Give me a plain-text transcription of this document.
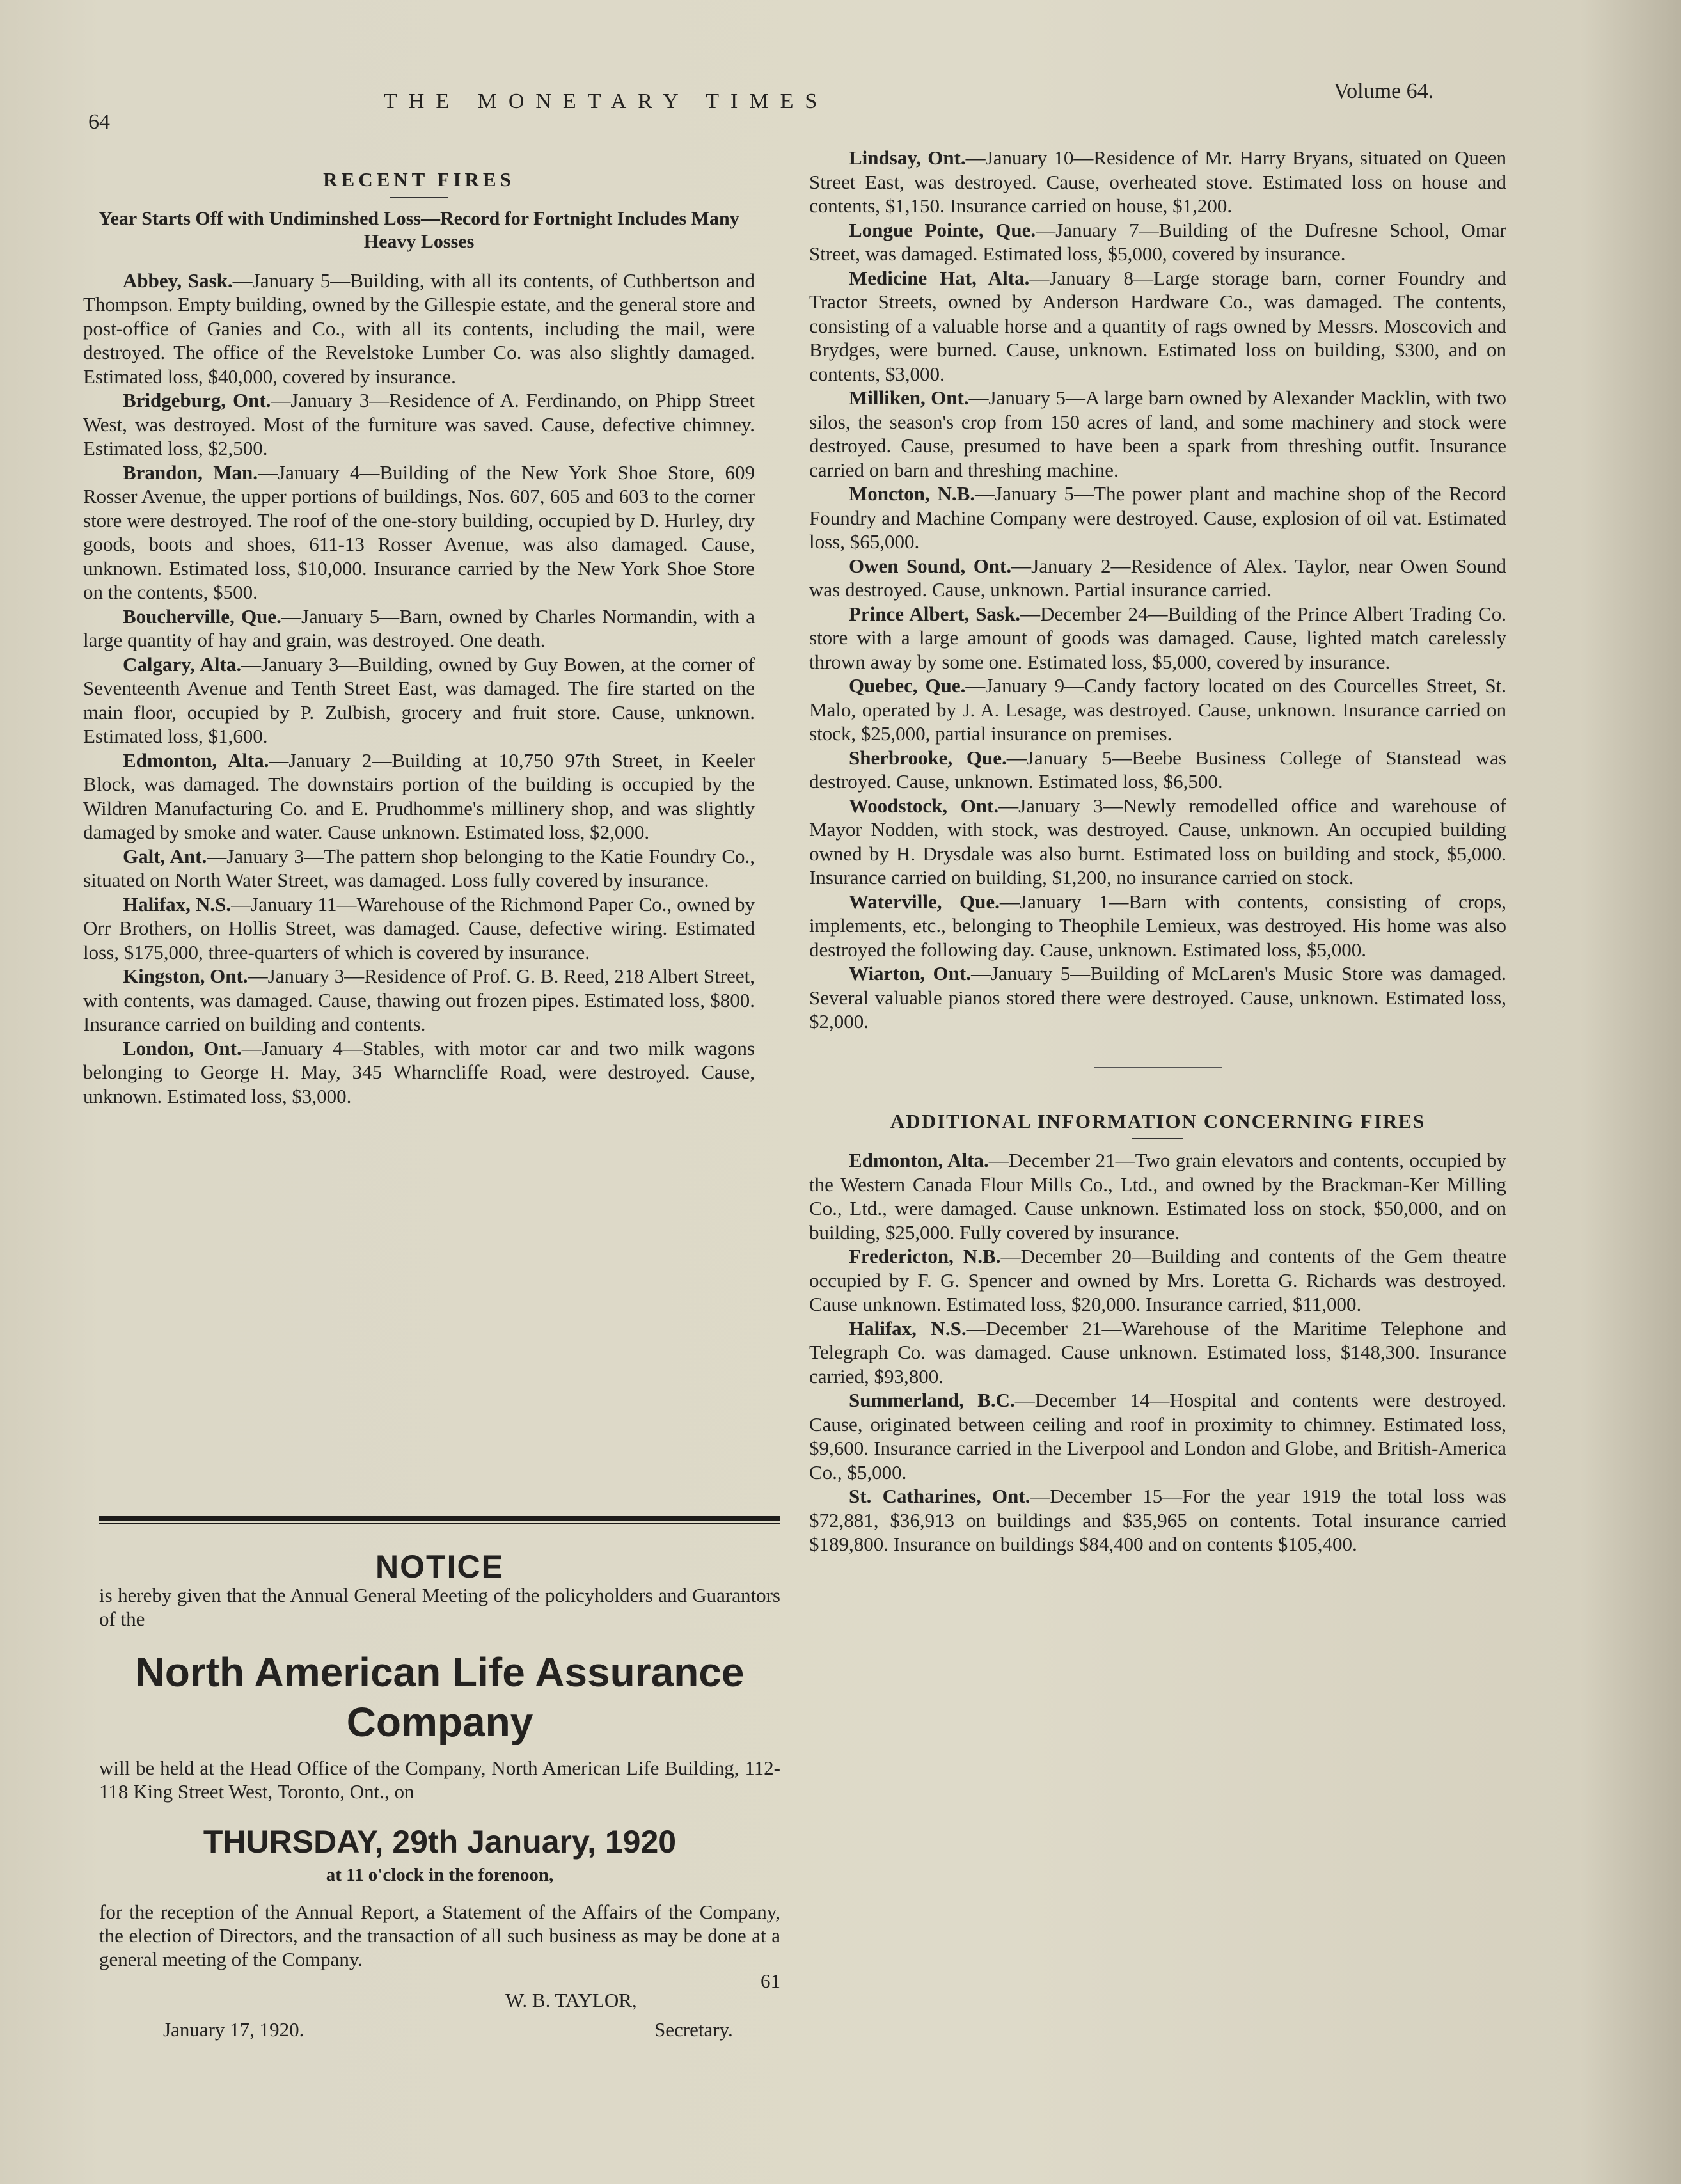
64
THE MONETARY TIMES	Volume 64.
RECENT FIRES
Year Starts Off with Undiminshed Loss—Record for Fortnight Includes Many Heavy Losses

Abbey, Sask.—January 5—Building, with all its contents, of Cuthbertson and Thompson. Empty building, owned by the Gillespie estate, and the general store and post-office of Ganies and Co., with all its contents, including the mail, were destroyed. The office of the Revelstoke Lumber Co. was also slightly damaged. Estimated loss, $40,000, covered by insurance.

Bridgeburg, Ont.—January 3—Residence of A. Ferdinando, on Phipp Street West, was destroyed. Most of the furniture was saved. Cause, defective chimney. Estimated loss, $2,500.

Brandon, Man.—January 4—Building of the New York Shoe Store, 609 Rosser Avenue, the upper portions of buildings, Nos. 607, 605 and 603 to the corner store were destroyed. The roof of the one-story building, occupied by D. Hurley, dry goods, boots and shoes, 611-13 Rosser Avenue, was also damaged. Cause, unknown. Estimated loss, $10,000. Insurance carried by the New York Shoe Store on the contents, $500.

Boucherville, Que.—January 5—Barn, owned by Charles Normandin, with a large quantity of hay and grain, was destroyed. One death.

Calgary, Alta.—January 3—Building, owned by Guy Bowen, at the corner of Seventeenth Avenue and Tenth Street East, was damaged. The fire started on the main floor, occupied by P. Zulbish, grocery and fruit store. Cause, unknown. Estimated loss, $1,600.

Edmonton, Alta.—January 2—Building at 10,750 97th Street, in Keeler Block, was damaged. The downstairs portion of the building is occupied by the Wildren Manufacturing Co. and E. Prudhomme's millinery shop, and was slightly damaged by smoke and water. Cause unknown. Estimated loss, $2,000.

Galt, Ant.—January 3—The pattern shop belonging to the Katie Foundry Co., situated on North Water Street, was damaged. Loss fully covered by insurance.

Halifax, N.S.—January 11—Warehouse of the Richmond Paper Co., owned by Orr Brothers, on Hollis Street, was damaged. Cause, defective wiring. Estimated loss, $175,000, three-quarters of which is covered by insurance.

Kingston, Ont.—January 3—Residence of Prof. G. B. Reed, 218 Albert Street, with contents, was damaged. Cause, thawing out frozen pipes. Estimated loss, $800. Insurance carried on building and contents.

London, Ont.—January 4—Stables, with motor car and two milk wagons belonging to George H. May, 345 Wharncliffe Road, were destroyed. Cause, unknown. Estimated loss, $3,000.

NOTICE
is hereby given that the Annual General Meeting of the policyholders and Guarantors of the
North American Life Assurance Company
will be held at the Head Office of the Company, North American Life Building, 112-118 King Street West, Toronto, Ont., on
THURSDAY, 29th January, 1920
at 11 o'clock in the forenoon,
for the reception of the Annual Report, a Statement of the Affairs of the Company, the election of Directors, and the transaction of all such business as may be done at a general meeting of the Company.
61
W. B. TAYLOR,
January 17, 1920.	Secretary.

Lindsay, Ont.—January 10—Residence of Mr. Harry Bryans, situated on Queen Street East, was destroyed. Cause, overheated stove. Estimated loss on house and contents, $1,150. Insurance carried on house, $1,200.

Longue Pointe, Que.—January 7—Building of the Dufresne School, Omar Street, was damaged. Estimated loss, $5,000, covered by insurance.

Medicine Hat, Alta.—January 8—Large storage barn, corner Foundry and Tractor Streets, owned by Anderson Hardware Co., was damaged. The contents, consisting of a valuable horse and a quantity of rags owned by Messrs. Moscovich and Brydges, were burned. Cause, unknown. Estimated loss on building, $300, and on contents, $3,000.

Milliken, Ont.—January 5—A large barn owned by Alexander Macklin, with two silos, the season's crop from 150 acres of land, and some machinery and stock were destroyed. Cause, presumed to have been a spark from threshing outfit. Insurance carried on barn and threshing machine.

Moncton, N.B.—January 5—The power plant and machine shop of the Record Foundry and Machine Company were destroyed. Cause, explosion of oil vat. Estimated loss, $65,000.

Owen Sound, Ont.—January 2—Residence of Alex. Taylor, near Owen Sound was destroyed. Cause, unknown. Partial insurance carried.

Prince Albert, Sask.—December 24—Building of the Prince Albert Trading Co. store with a large amount of goods was damaged. Cause, lighted match carelessly thrown away by some one. Estimated loss, $5,000, covered by insurance.

Quebec, Que.—January 9—Candy factory located on des Courcelles Street, St. Malo, operated by J. A. Lesage, was destroyed. Cause, unknown. Insurance carried on stock, $25,000, partial insurance on premises.

Sherbrooke, Que.—January 5—Beebe Business College of Stanstead was destroyed. Cause, unknown. Estimated loss, $6,500.

Woodstock, Ont.—January 3—Newly remodelled office and warehouse of Mayor Nodden, with stock, was destroyed. Cause, unknown. An occupied building owned by H. Drysdale was also burnt. Estimated loss on building and stock, $5,000. Insurance carried on building, $1,200, no insurance carried on stock.

Waterville, Que.—January 1—Barn with contents, consisting of crops, implements, etc., belonging to Theophile Lemieux, was destroyed. His home was also destroyed the following day. Cause, unknown. Estimated loss, $5,000.

Wiarton, Ont.—January 5—Building of McLaren's Music Store was damaged. Several valuable pianos stored there were destroyed. Cause, unknown. Estimated loss, $2,000.

ADDITIONAL INFORMATION CONCERNING FIRES

Edmonton, Alta.—December 21—Two grain elevators and contents, occupied by the Western Canada Flour Mills Co., Ltd., and owned by the Brackman-Ker Milling Co., Ltd., were damaged. Cause unknown. Estimated loss on stock, $50,000, and on building, $25,000. Fully covered by insurance.

Fredericton, N.B.—December 20—Building and contents of the Gem theatre occupied by F. G. Spencer and owned by Mrs. Loretta G. Richards was destroyed. Cause unknown. Estimated loss, $20,000. Insurance carried, $11,000.

Halifax, N.S.—December 21—Warehouse of the Maritime Telephone and Telegraph Co. was damaged. Cause unknown. Estimated loss, $148,300. Insurance carried, $93,800.

Summerland, B.C.—December 14—Hospital and contents were destroyed. Cause, originated between ceiling and roof in proximity to chimney. Estimated loss, $9,600. Insurance carried in the Liverpool and London and Globe, and British-America Co., $5,000.

St. Catharines, Ont.—December 15—For the year 1919 the total loss was $72,881, $36,913 on buildings and $35,965 on contents. Total insurance carried $189,800. Insurance on buildings $84,400 and on contents $105,400.
